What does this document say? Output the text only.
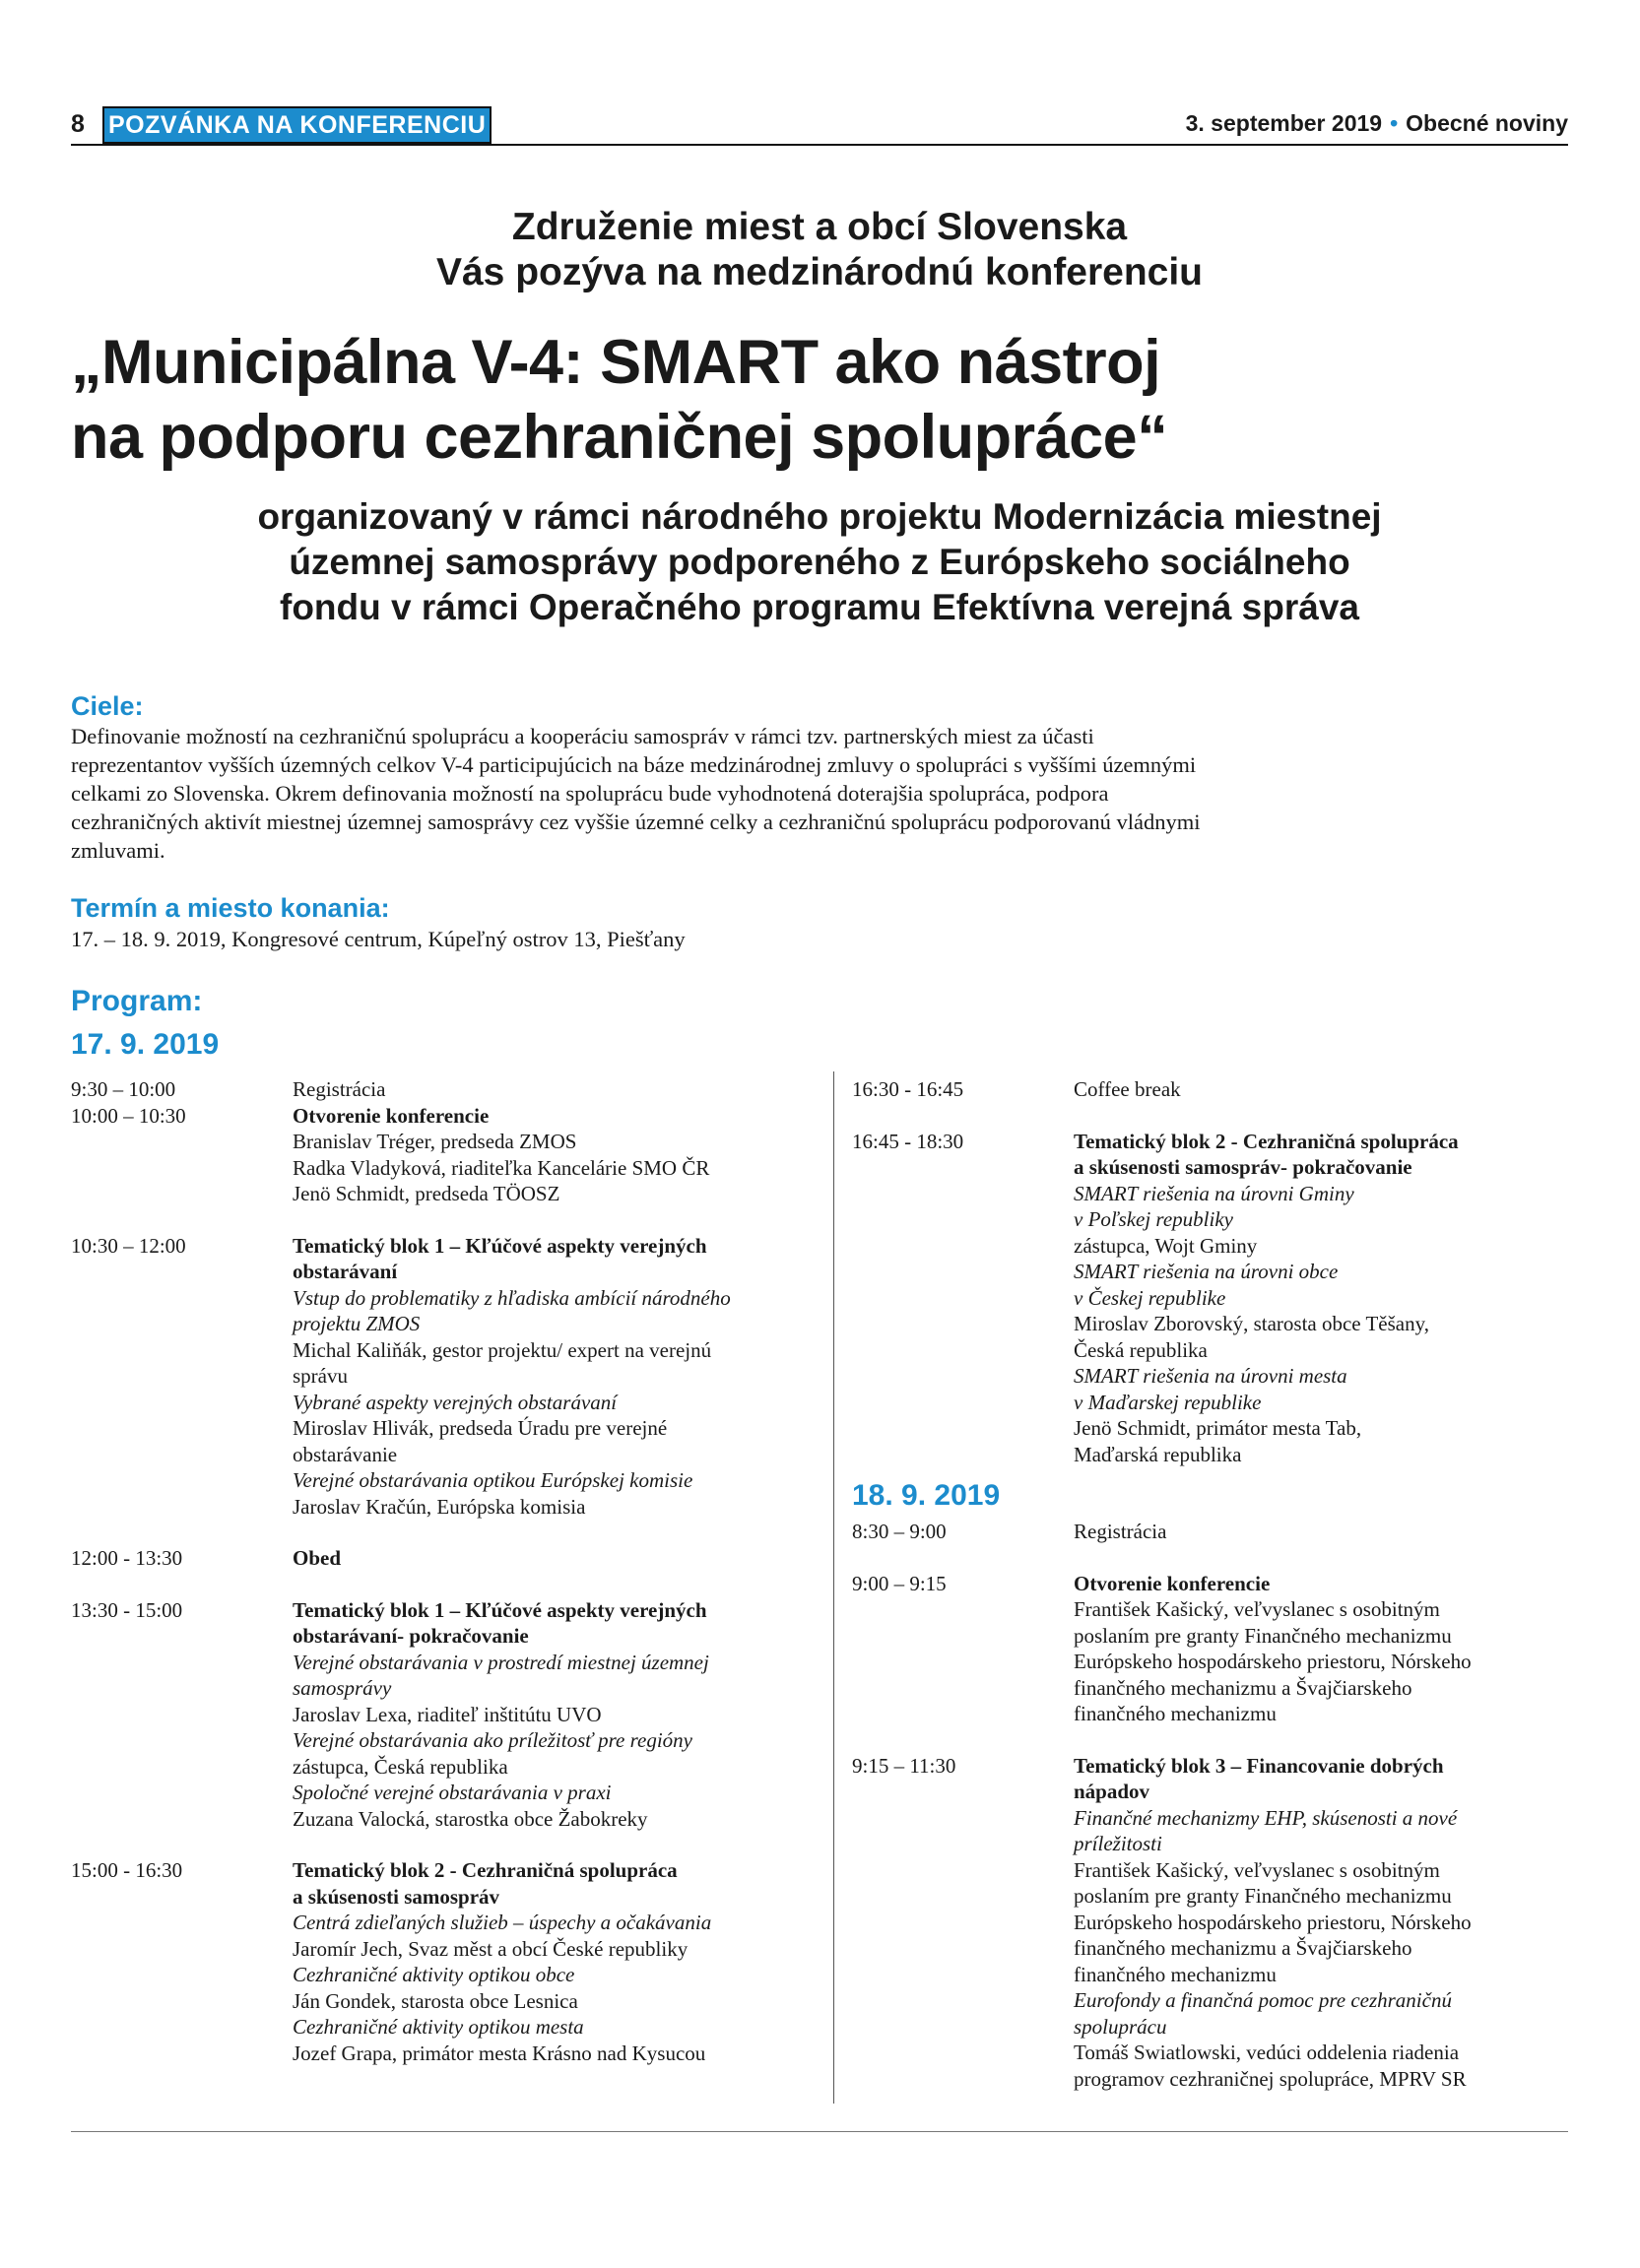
8 POZVÁNKA NA KONFERENCIU	3. september 2019 • Obecné noviny
Združenie miest a obcí Slovenska
Vás pozýva na medzinárodnú konferenciu
„Municipálna V-4: SMART ako nástroj
na podporu cezhraničnej spolupráce“
organizovaný v rámci národného projektu Modernizácia miestnej
územnej samosprávy podporeného z Európskeho sociálneho
fondu v rámci Operačného programu Efektívna verejná správa
Ciele:
Definovanie možností na cezhraničnú spoluprácu a kooperáciu samospráv v rámci tzv. partnerských miest za účasti
reprezentantov vyšších územných celkov V-4 participujúcich na báze medzinárodnej zmluvy o spolupráci s vyššími územnými
celkami zo Slovenska. Okrem definovania možností na spoluprácu bude vyhodnotená doterajšia spolupráca, podpora
cezhraničných aktivít miestnej územnej samosprávy cez vyššie územné celky a cezhraničnú spoluprácu podporovanú vládnymi
zmluvami.
Termín a miesto konania:
17. – 18. 9. 2019, Kongresové centrum, Kúpeľný ostrov 13, Piešťany
Program:
17. 9. 2019
9:30 – 10:00	Registrácia
10:00 – 10:30	Otvorenie konferencie
Branislav Tréger, predseda ZMOS
Radka Vladyková, riaditeľka Kancelárie SMO ČR
Jenö Schmidt, predseda TÖOSZ
10:30 – 12:00	Tematický blok 1 – Kľúčové aspekty verejných
obstarávaní
Vstup do problematiky z hľadiska ambícií národného
projektu ZMOS
Michal Kaliňák, gestor projektu/ expert na verejnú
správu
Vybrané aspekty verejných obstarávaní
Miroslav Hlivák, predseda Úradu pre verejné
obstarávanie
Verejné obstarávania optikou Európskej komisie
Jaroslav Kračún, Európska komisia
12:00 - 13:30	Obed
13:30 - 15:00	Tematický blok 1 – Kľúčové aspekty verejných
obstarávaní- pokračovanie
Verejné obstarávania v prostredí miestnej územnej
samosprávy
Jaroslav Lexa, riaditeľ inštitútu UVO
Verejné obstarávania ako príležitosť pre regióny
zástupca, Česká republika
Spoločné verejné obstarávania v praxi
Zuzana Valocká, starostka obce Žabokreky
15:00 - 16:30	Tematický blok 2 - Cezhraničná spolupráca
a skúsenosti samospráv
Centrá zdieľaných služieb – úspechy a očakávania
Jaromír Jech, Svaz měst a obcí České republiky
Cezhraničné aktivity optikou obce
Ján Gondek, starosta obce Lesnica
Cezhraničné aktivity optikou mesta
Jozef Grapa, primátor mesta Krásno nad Kysucou
16:30 - 16:45	Coffee break
16:45 - 18:30	Tematický blok 2 - Cezhraničná spolupráca
a skúsenosti samospráv- pokračovanie
SMART riešenia na úrovni Gminy
v Poľskej republiky
zástupca, Wojt Gminy
SMART riešenia na úrovni obce
v Českej republike
Miroslav Zborovský, starosta obce Těšany,
Česká republika
SMART riešenia na úrovni mesta
v Maďarskej republike
Jenö Schmidt, primátor mesta Tab,
Maďarská republika
18. 9. 2019
8:30 – 9:00	Registrácia
9:00 – 9:15	Otvorenie konferencie
František Kašický, veľvyslanec s osobitným
poslaním pre granty Finančného mechanizmu
Európskeho hospodárskeho priestoru, Nórskeho
finančného mechanizmu a Švajčiarskeho
finančného mechanizmu
9:15 – 11:30	Tematický blok 3 – Financovanie dobrých
nápadov
Finančné mechanizmy EHP, skúsenosti a nové
príležitosti
František Kašický, veľvyslanec s osobitným
poslaním pre granty Finančného mechanizmu
Európskeho hospodárskeho priestoru, Nórskeho
finančného mechanizmu a Švajčiarskeho
finančného mechanizmu
Eurofondy a finančná pomoc pre cezhraničnú
spoluprácu
Tomáš Swiatlowski, vedúci oddelenia riadenia
programov cezhraničnej spolupráce, MPRV SR
